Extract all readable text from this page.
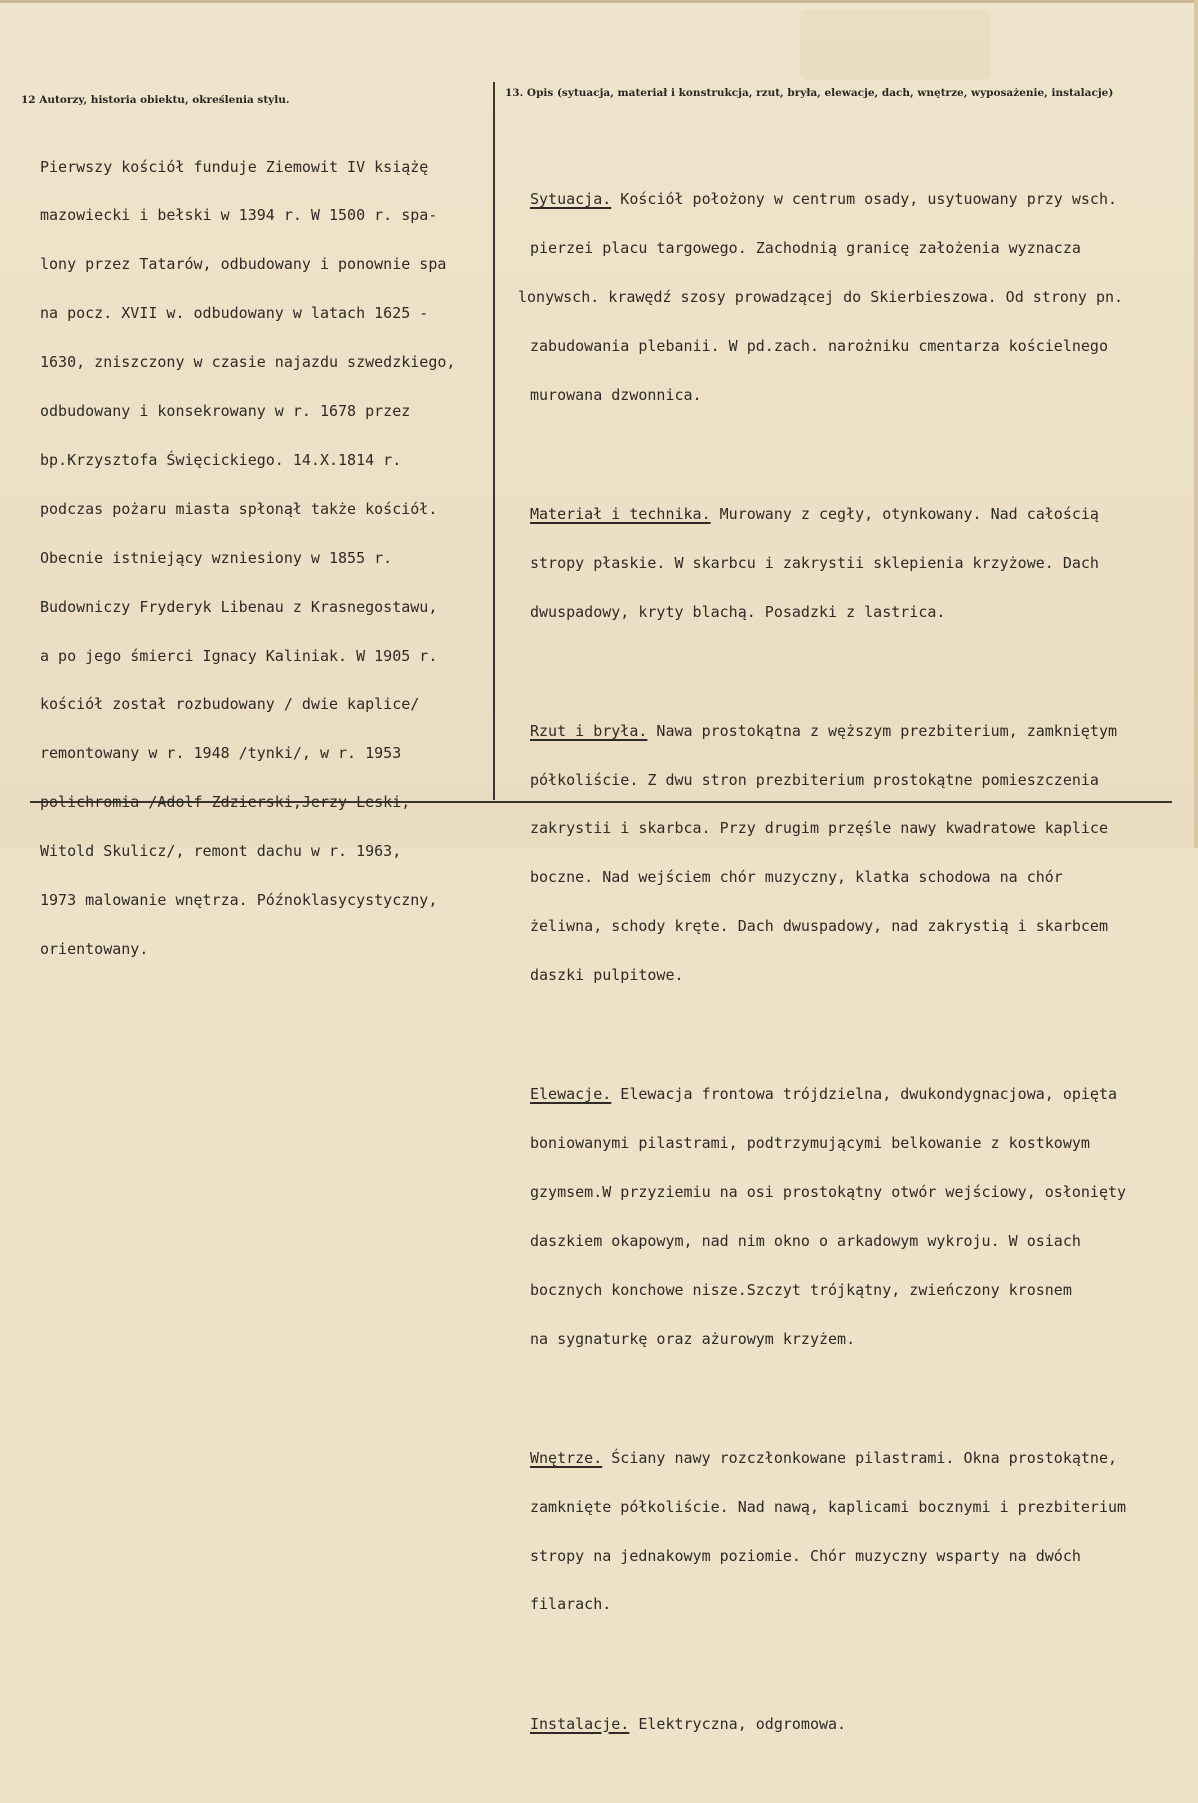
12 Autorzy, historia obiektu, określenia stylu.
13. Opis (sytuacja, materiał i konstrukcja, rzut, bryła, elewacje, dach, wnętrze, wyposażenie, instalacje)

Pierwszy kościół funduje Ziemowit IV książę

mazowiecki i bełski w 1394 r. W 1500 r. spa-

lony przez Tatarów, odbudowany i ponownie spa

na pocz. XVII w. odbudowany w latach 1625 -

1630, zniszczony w czasie najazdu szwedzkiego,

odbudowany i konsekrowany w r. 1678 przez

bp.Krzysztofa Święcickiego. 14.X.1814 r.

podczas pożaru miasta spłonął także kościół.

Obecnie istniejący wzniesiony w 1855 r.

Budowniczy Fryderyk Libenau z Krasnegostawu,

a po jego śmierci Ignacy Kaliniak. W 1905 r.

kościół został rozbudowany / dwie kaplice/

remontowany w r. 1948 /tynki/, w r. 1953

polichromia /Adolf Zdzierski,Jerzy Leski,

Witold Skulicz/, remont dachu w r. 1963,

1973 malowanie wnętrza. Późnoklasycystyczny,

orientowany.

Sytuacja. Kościół położony w centrum osady, usytuowany przy wsch.

pierzei placu targowego. Zachodnią granicę założenia wyznacza

lonywsch. krawędź szosy prowadzącej do Skierbieszowa. Od strony pn.

zabudowania plebanii. W pd.zach. narożniku cmentarza kościelnego

murowana dzwonnica.

Materiał i technika. Murowany z cegły, otynkowany. Nad całością

stropy płaskie. W skarbcu i zakrystii sklepienia krzyżowe. Dach

dwuspadowy, kryty blachą. Posadzki z lastrica.

Rzut i bryła. Nawa prostokątna z węższym prezbiterium, zamkniętym

półkoliście. Z dwu stron prezbiterium prostokątne pomieszczenia

zakrystii i skarbca. Przy drugim przęśle nawy kwadratowe kaplice

boczne. Nad wejściem chór muzyczny, klatka schodowa na chór

żeliwna, schody kręte. Dach dwuspadowy, nad zakrystią i skarbcem

daszki pulpitowe.

Elewacje. Elewacja frontowa trójdzielna, dwukondygnacjowa, opięta

boniowanymi pilastrami, podtrzymującymi belkowanie z kostkowym

gzymsem.W przyziemiu na osi prostokątny otwór wejściowy, osłonięty

daszkiem okapowym, nad nim okno o arkadowym wykroju. W osiach

bocznych konchowe nisze.Szczyt trójkątny, zwieńczony krosnem

na sygnaturkę oraz ażurowym krzyżem.

Wnętrze. Ściany nawy rozczłonkowane pilastrami. Okna prostokątne,

zamknięte półkoliście. Nad nawą, kaplicami bocznymi i prezbiterium

stropy na jednakowym poziomie. Chór muzyczny wsparty na dwóch

filarach.

Instalacje. Elektryczna, odgromowa.
